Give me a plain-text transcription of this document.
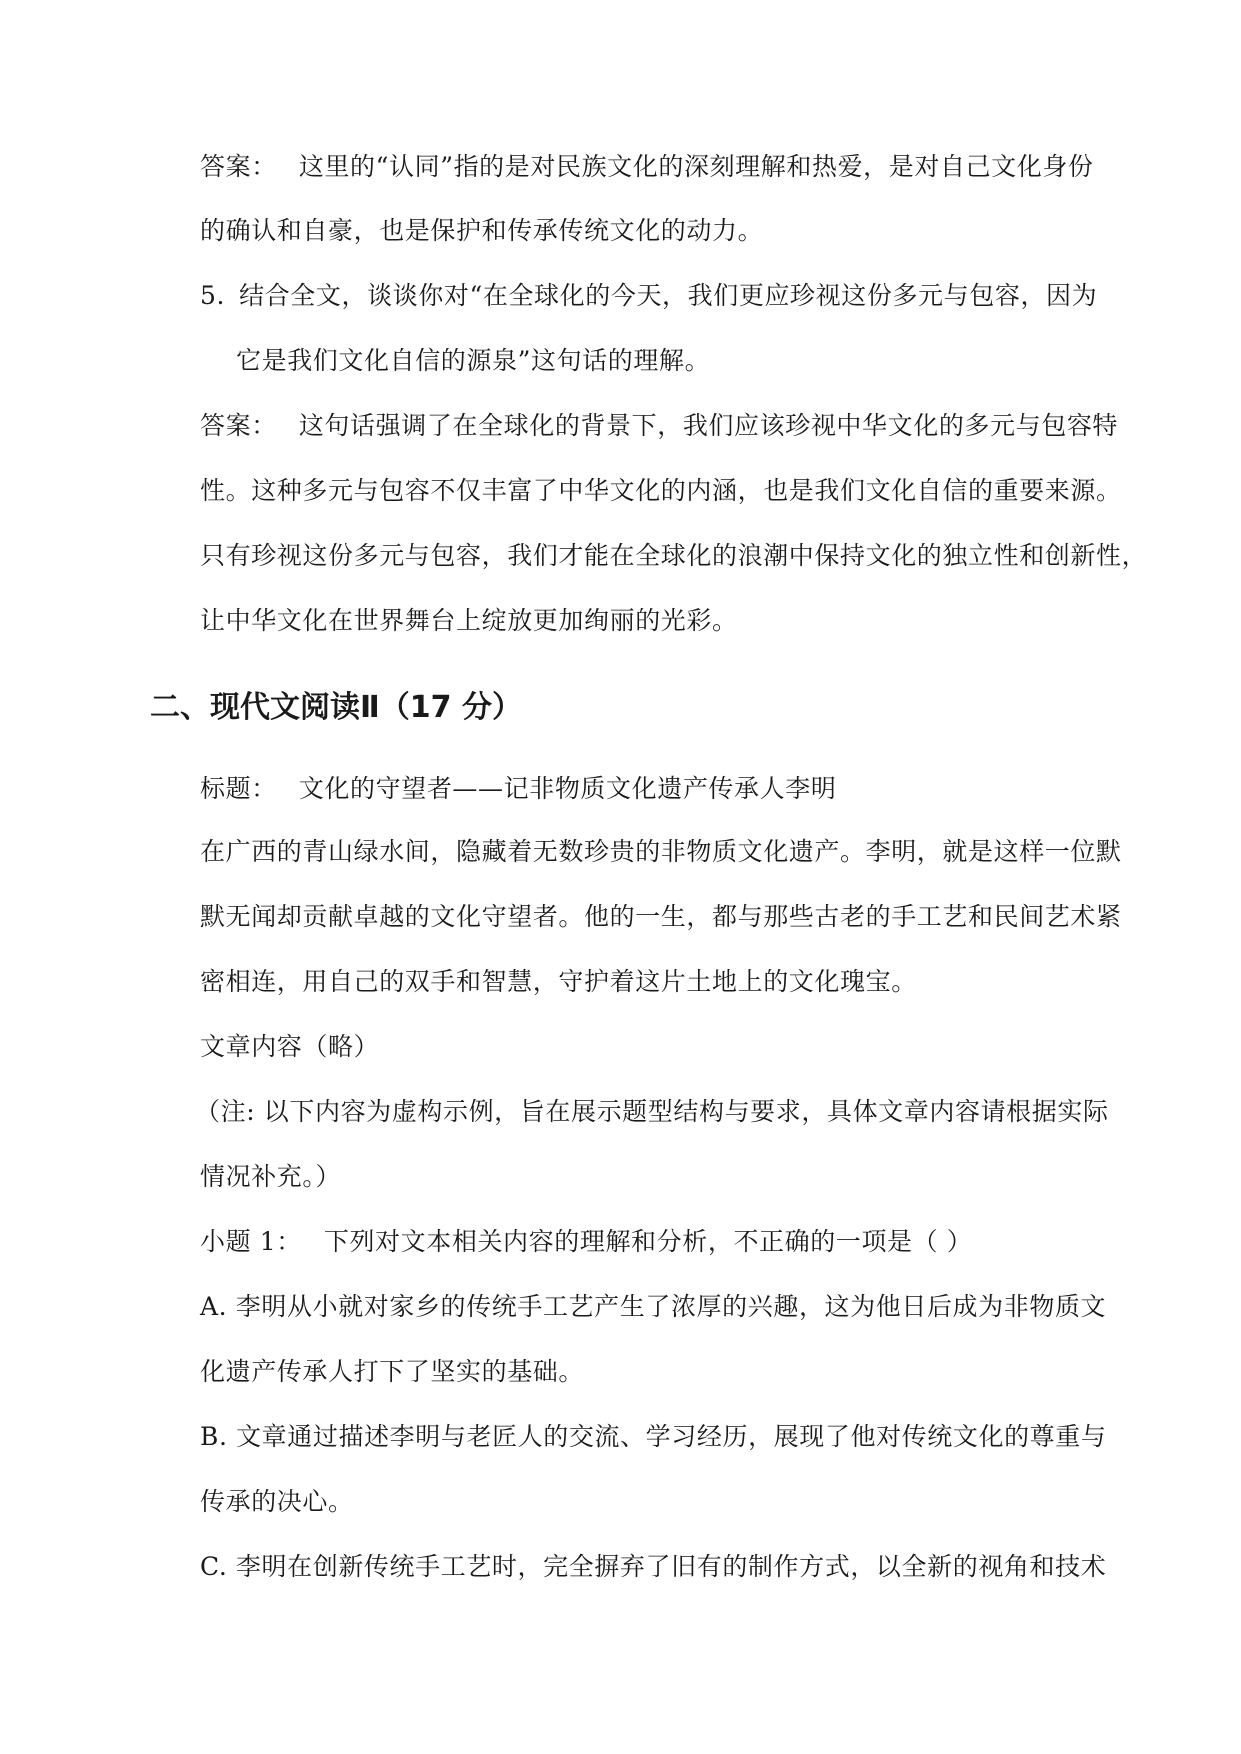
答案： 这里的“认同”指的是对民族文化的深刻理解和热爱，是对自己文化身份
的确认和自豪，也是保护和传承传统文化的动力。
5. 结合全文，谈谈你对“在全球化的今天，我们更应珍视这份多元与包容，因为
它是我们文化自信的源泉”这句话的理解。
答案： 这句话强调了在全球化的背景下，我们应该珍视中华文化的多元与包容特
性。这种多元与包容不仅丰富了中华文化的内涵，也是我们文化自信的重要来源。
只有珍视这份多元与包容，我们才能在全球化的浪潮中保持文化的独立性和创新性，
让中华文化在世界舞台上绽放更加绚丽的光彩。
二、现代文阅读Ⅱ（17 分）
标题： 文化的守望者——记非物质文化遗产传承人李明
在广西的青山绿水间，隐藏着无数珍贵的非物质文化遗产。李明，就是这样一位默
默无闻却贡献卓越的文化守望者。他的一生，都与那些古老的手工艺和民间艺术紧
密相连，用自己的双手和智慧，守护着这片土地上的文化瑰宝。
文章内容（略）
（注: 以下内容为虚构示例，旨在展示题型结构与要求，具体文章内容请根据实际
情况补充。）
小题 1： 下列对文本相关内容的理解和分析，不正确的一项是（ ）
A. 李明从小就对家乡的传统手工艺产生了浓厚的兴趣，这为他日后成为非物质文
化遗产传承人打下了坚实的基础。
B. 文章通过描述李明与老匠人的交流、学习经历，展现了他对传统文化的尊重与
传承的决心。
C. 李明在创新传统手工艺时，完全摒弃了旧有的制作方式，以全新的视角和技术
